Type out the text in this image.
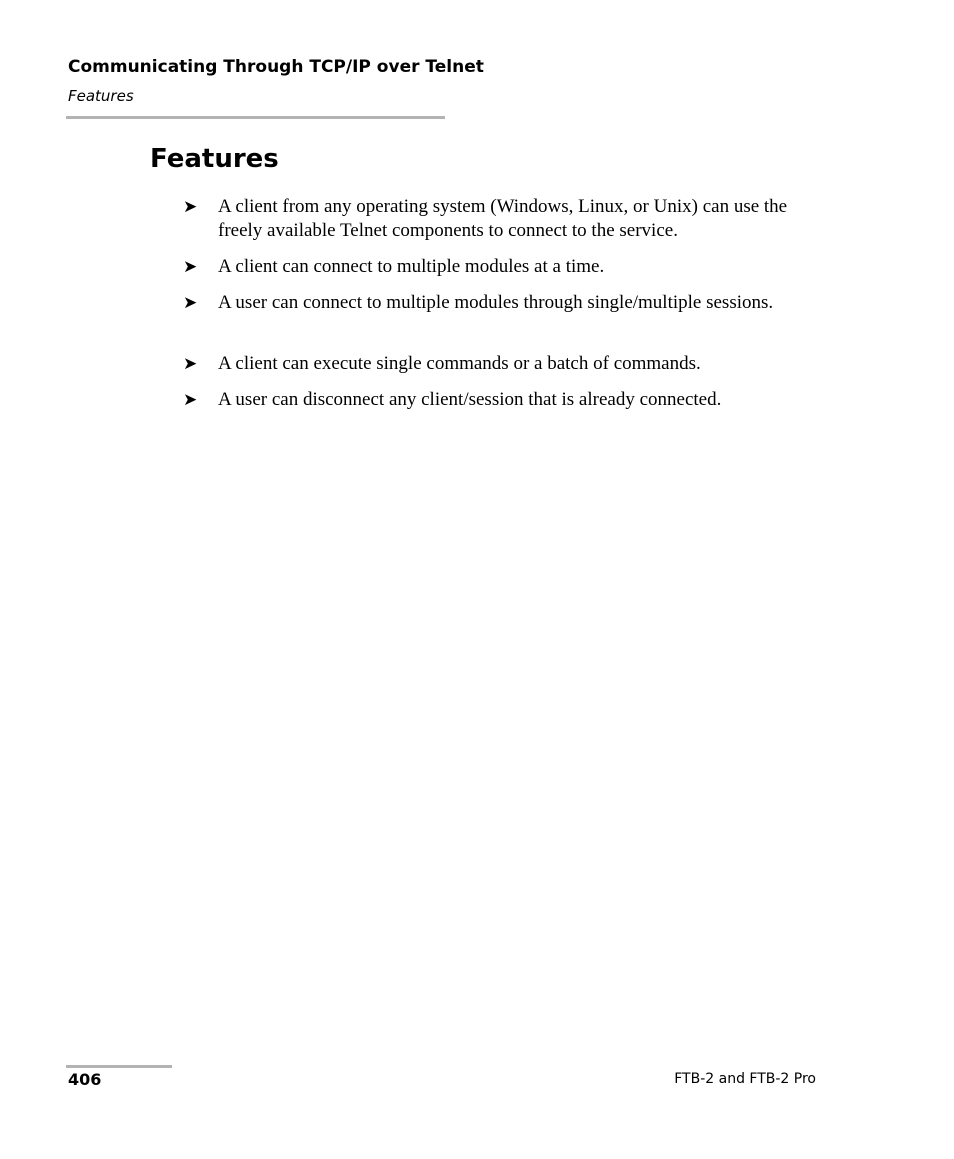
Communicating Through TCP/IP over Telnet
Features
Features
➤ A client from any operating system (Windows, Linux, or Unix) can use the freely available Telnet components to connect to the service.
➤ A client can connect to multiple modules at a time.
➤ A user can connect to multiple modules through single/multiple sessions.
➤ A client can execute single commands or a batch of commands.
➤ A user can disconnect any client/session that is already connected.
406	FTB-2 and FTB-2 Pro
